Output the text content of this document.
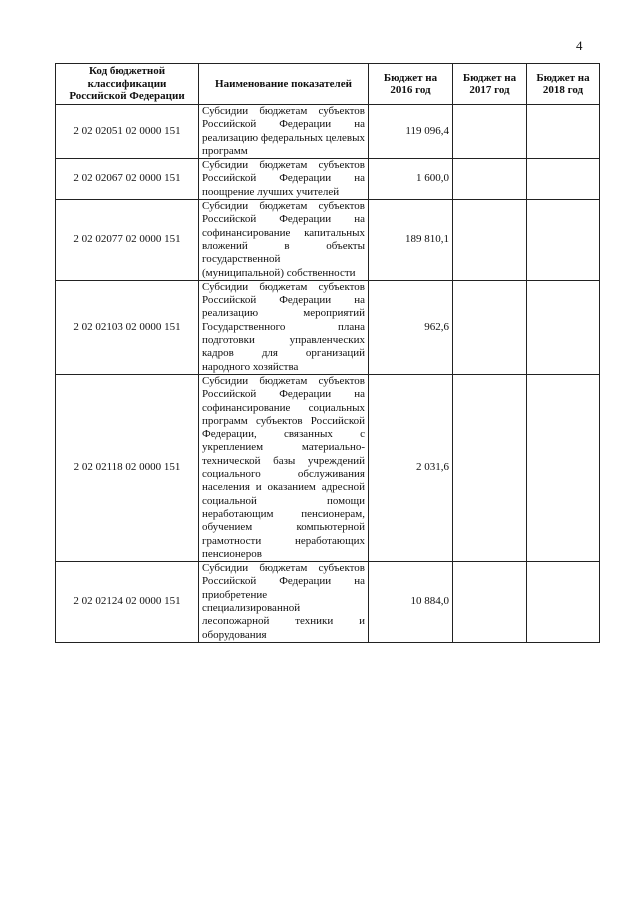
4
Код бюджетной классификации Российской Федерации	Наименование показателей	Бюджет на 2016 год	Бюджет на 2017 год	Бюджет на 2018 год
2 02 02051 02 0000 151	Субсидии бюджетам субъектов Российской Федерации на реализацию федеральных целевых программ	119 096,4		
2 02 02067 02 0000 151	Субсидии бюджетам субъектов Российской Федерации на поощрение лучших учителей	1 600,0		
2 02 02077 02 0000 151	Субсидии бюджетам субъектов Российской Федерации на софинансирование капитальных вложений в объекты государственной (муниципальной) собственности	189 810,1		
2 02 02103 02 0000 151	Субсидии бюджетам субъектов Российской Федерации на реализацию мероприятий Государственного плана подготовки управленческих кадров для организаций народного хозяйства	962,6		
2 02 02118 02 0000 151	Субсидии бюджетам субъектов Российской Федерации на софинансирование социальных программ субъектов Российской Федерации, связанных с укреплением материально-технической базы учреждений социального обслуживания населения и оказанием адресной социальной помощи неработающим пенсионерам, обучением компьютерной грамотности неработающих пенсионеров	2 031,6		
2 02 02124 02 0000 151	Субсидии бюджетам субъектов Российской Федерации на приобретение специализированной лесопожарной техники и оборудования	10 884,0		
